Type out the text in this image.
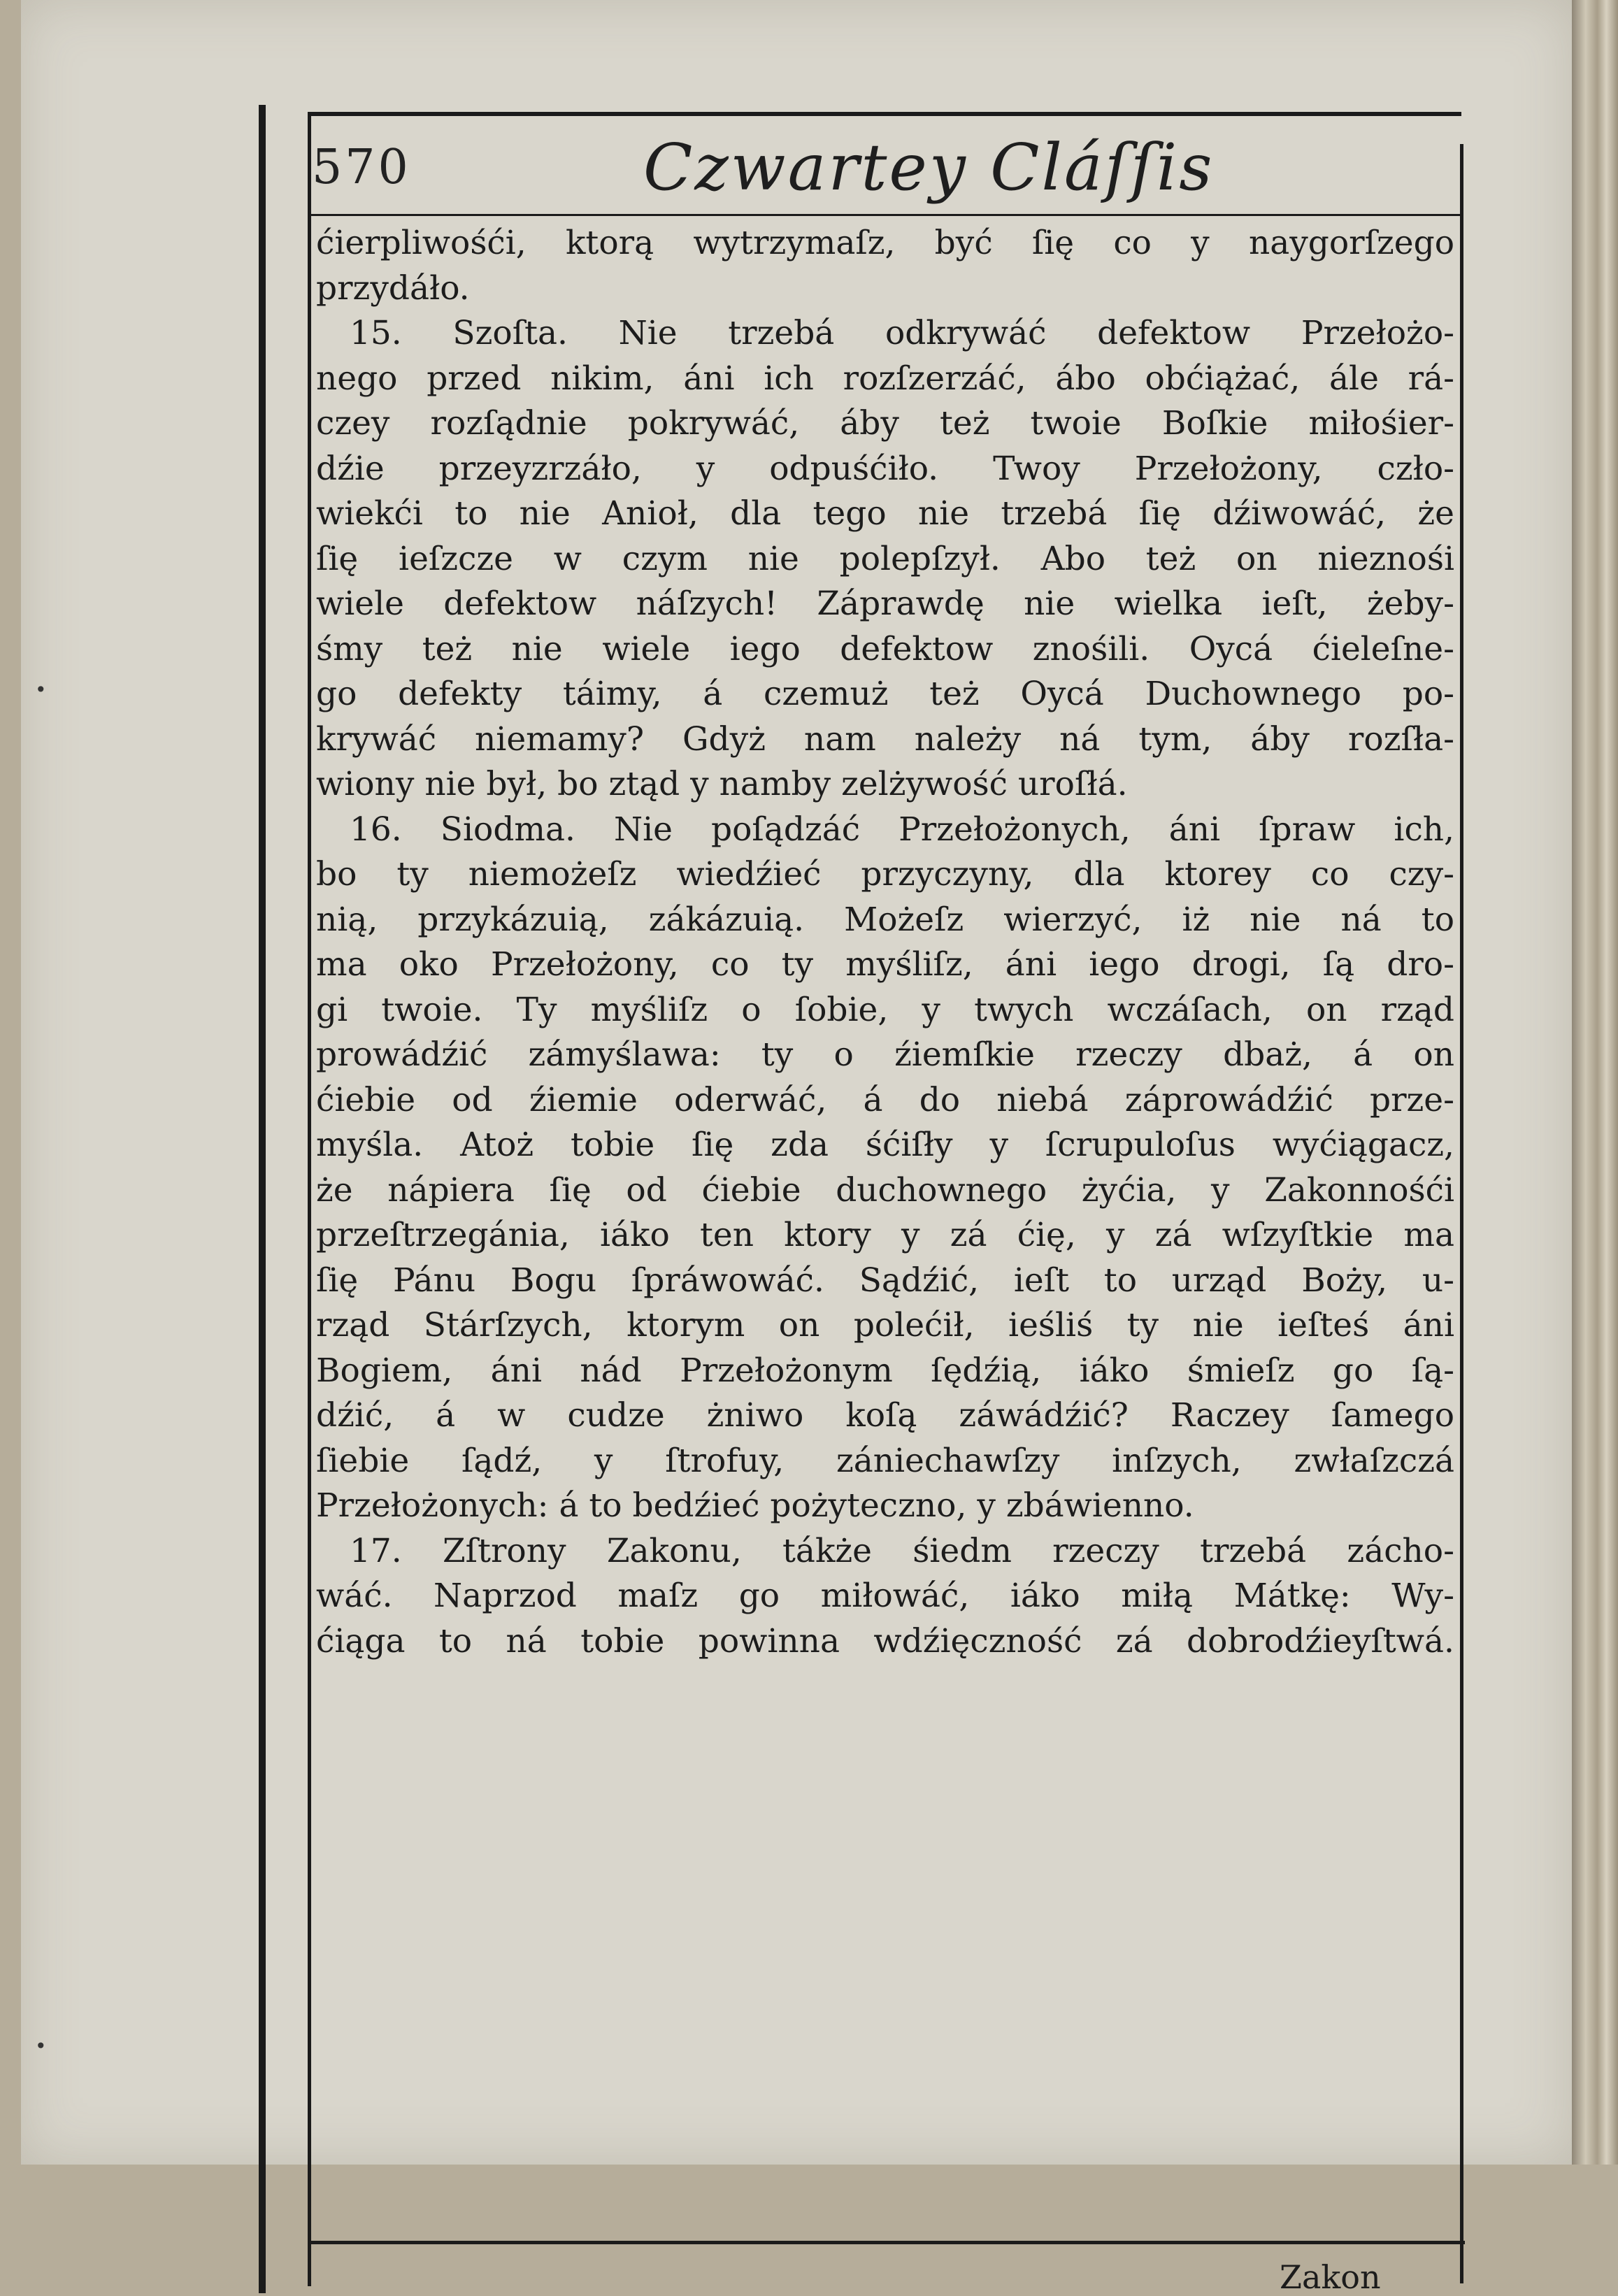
•
•
570	Czwartey Cláſſis
ćierpliwośći, ktorą wytrzymaſz, być ſię co y naygorſzego
przydáło.
15. Szoſta. Nie trzebá odkrywáć defektow Przełożo-
nego przed nikim, áni ich rozſzerzáć, ábo obćiążać, ále rá-
czey rozſądnie pokrywáć, áby też twoie Boſkie miłośier-
dźie przeyzrzáło, y odpuśćiło. Twoy Przełożony, czło-
wiekći to nie Anioł, dla tego nie trzebá ſię dźiwowáć, że
ſię ieſzcze w czym nie polepſzył. Abo też on nieznośi
wiele defektow náſzych! Záprawdę nie wielka ieſt, żeby-
śmy też nie wiele iego defektow znośili. Oycá ćieleſne-
go defekty táimy, á czemuż też Oycá Duchownego po-
krywáć niemamy? Gdyż nam należy ná tym, áby rozſła-
wiony nie był, bo ztąd y namby zelżywość uroſłá.
16. Siodma. Nie poſądzáć Przełożonych, áni ſpraw ich,
bo ty niemożeſz wiedźieć przyczyny, dla ktorey co czy-
nią, przykázuią, zákázuią. Możeſz wierzyć, iż nie ná to
ma oko Przełożony, co ty myśliſz, áni iego drogi, ſą dro-
gi twoie. Ty myśliſz o ſobie, y twych wczáſach, on rząd
prowádźić zámyślawa: ty o źiemſkie rzeczy dbaż, á on
ćiebie od źiemie oderwáć, á do niebá záprowádźić prze-
myśla. Atoż tobie ſię zda śćiſły y ſcrupuloſus wyćiągacz,
że nápiera ſię od ćiebie duchownego żyćia, y Zakonnośći
przeſtrzegánia, iáko ten ktory y zá ćię, y zá wſzyſtkie ma
ſię Pánu Bogu ſpráwowáć. Sądźić, ieſt to urząd Boży, u-
rząd Stárſzych, ktorym on polećił, ieśliś ty nie ieſteś áni
Bogiem, áni nád Przełożonym ſędźią, iáko śmieſz go ſą-
dźić, á w cudze żniwo koſą záwádźić? Raczey ſamego
ſiebie ſądź, y ſtrofuy, zániechawſzy inſzych, zwłaſzczá
Przełożonych: á to bedźieć pożyteczno, y zbáwienno.
17. Zſtrony Zakonu, tákże śiedm rzeczy trzebá zácho-
wáć. Naprzod maſz go miłowáć, iáko miłą Mátkę: Wy-
ćiąga to ná tobie powinna wdźięczność zá dobrodźieyſtwá.
Zakon
